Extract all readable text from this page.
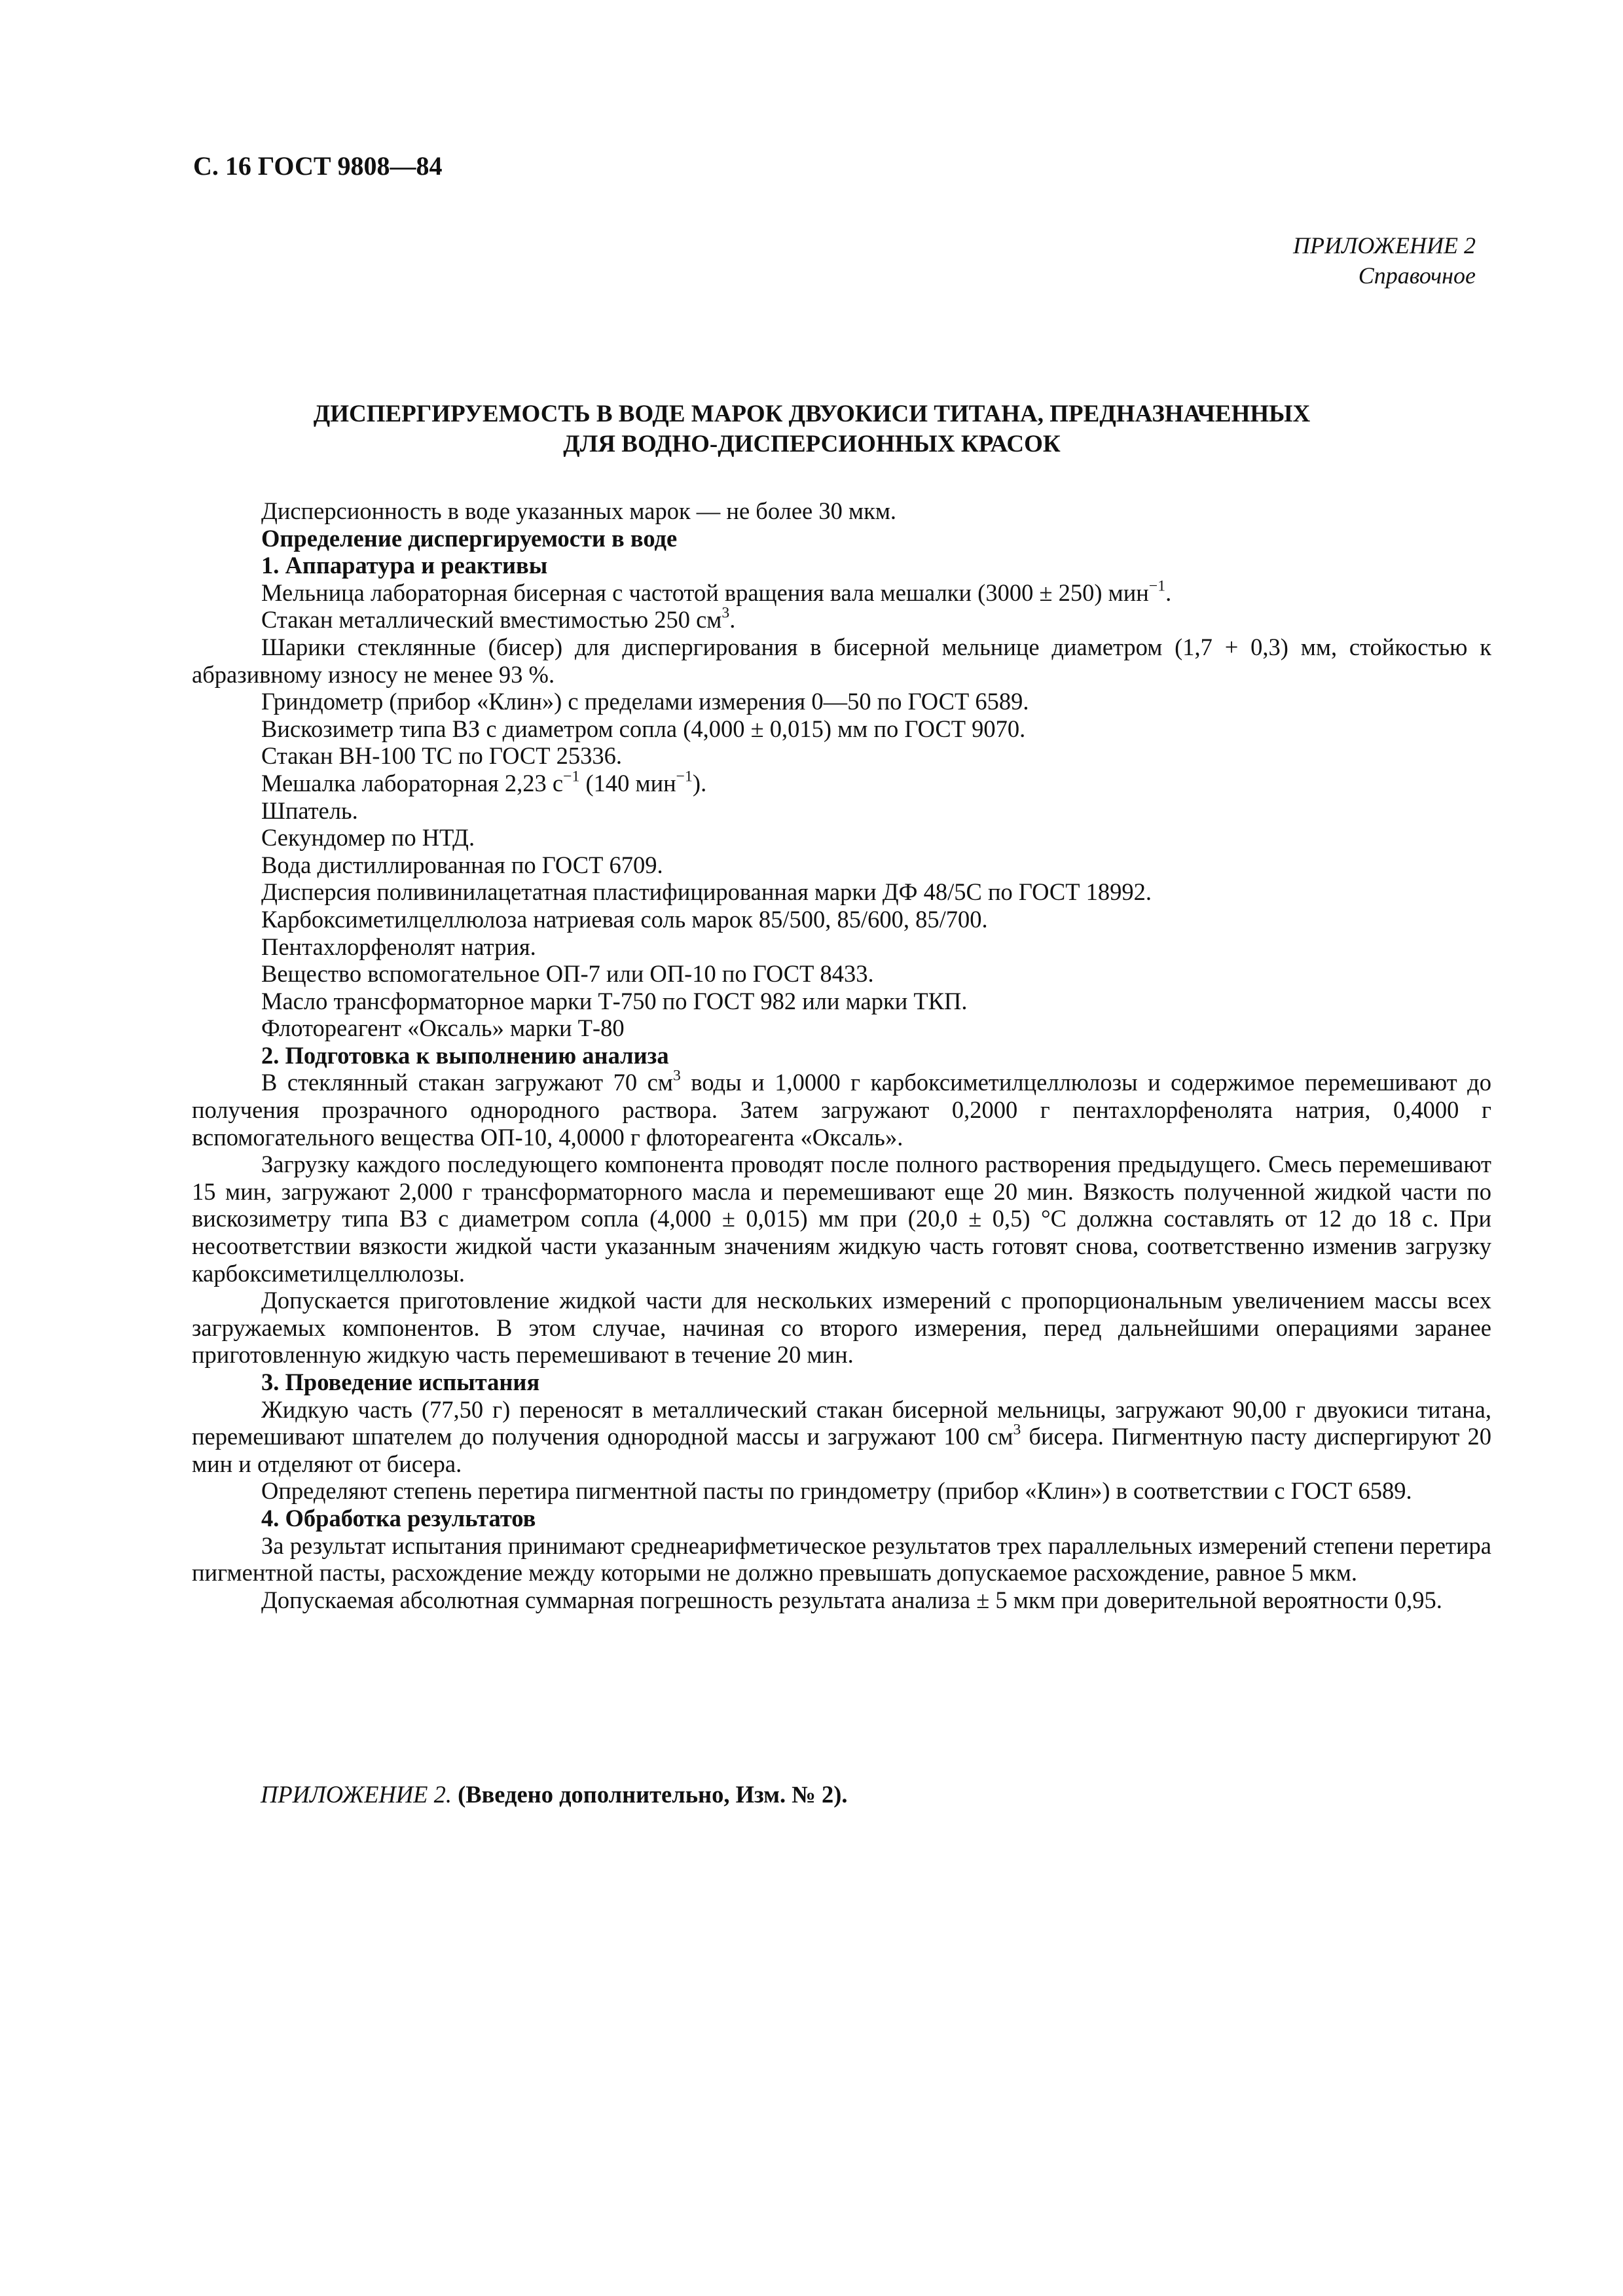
С. 16 ГОСТ 9808—84
ПРИЛОЖЕНИЕ 2
Справочное
ДИСПЕРГИРУЕМОСТЬ В ВОДЕ МАРОК ДВУОКИСИ ТИТАНА, ПРЕДНАЗНАЧЕННЫХ
ДЛЯ ВОДНО-ДИСПЕРСИОННЫХ КРАСОК

Дисперсионность в воде указанных марок — не более 30 мкм.

Определение диспергируемости в воде

1. Аппаратура и реактивы

Мельница лабораторная бисерная с частотой вращения вала мешалки (3000 ± 250) мин$^{-1}$.

Стакан металлический вместимостью 250 $см^3$.

Шарики стеклянные (бисер) для диспергирования в бисерной мельнице диаметром (1,7 + 0,3) мм, стойкостью к абразивному износу не менее 93 %.

Гриндометр (прибор «Клин») с пределами измерения 0—50 по ГОСТ 6589.

Вискозиметр типа ВЗ с диаметром сопла (4,000 ± 0,015) мм по ГОСТ 9070.

Стакан ВН-100 ТС по ГОСТ 25336.

Мешалка лабораторная 2,23 $с^{-1}$ (140 мин$^{-1}$).

Шпатель.

Секундомер по НТД.

Вода дистиллированная по ГОСТ 6709.

Дисперсия поливинилацетатная пластифицированная марки ДФ 48/5С по ГОСТ 18992.

Карбоксиметилцеллюлоза натриевая соль марок 85/500, 85/600, 85/700.

Пентахлорфенолят натрия.

Вещество вспомогательное ОП-7 или ОП-10 по ГОСТ 8433.

Масло трансформаторное марки Т-750 по ГОСТ 982 или марки ТКП.

Флотореагент «Оксаль» марки Т-80

2. Подготовка к выполнению анализа

В стеклянный стакан загружают 70 $см^3$ воды и 1,0000 г карбоксиметилцеллюлозы и содержимое перемешивают до получения прозрачного однородного раствора. Затем загружают 0,2000 г пентахлорфенолята натрия, 0,4000 г вспомогательного вещества ОП-10, 4,0000 г флотореагента «Оксаль».

Загрузку каждого последующего компонента проводят после полного растворения предыдущего. Смесь перемешивают 15 мин, загружают 2,000 г трансформаторного масла и перемешивают еще 20 мин. Вязкость полученной жидкой части по вискозиметру типа ВЗ с диаметром сопла (4,000 ± 0,015) мм при (20,0 ± 0,5) °С должна составлять от 12 до 18 с. При несоответствии вязкости жидкой части указанным значениям жидкую часть готовят снова, соответственно изменив загрузку карбоксиметилцеллюлозы.

Допускается приготовление жидкой части для нескольких измерений с пропорциональным увеличением массы всех загружаемых компонентов. В этом случае, начиная со второго измерения, перед дальнейшими операциями заранее приготовленную жидкую часть перемешивают в течение 20 мин.

3. Проведение испытания

Жидкую часть (77,50 г) переносят в металлический стакан бисерной мельницы, загружают 90,00 г двуокиси титана, перемешивают шпателем до получения однородной массы и загружают 100 $см^3$ бисера. Пигментную пасту диспергируют 20 мин и отделяют от бисера.

Определяют степень перетира пигментной пасты по гриндометру (прибор «Клин») в соответствии с ГОСТ 6589.

4. Обработка результатов

За результат испытания принимают среднеарифметическое результатов трех параллельных измерений степени перетира пигментной пасты, расхождение между которыми не должно превышать допускаемое расхождение, равное 5 мкм.

Допускаемая абсолютная суммарная погрешность результата анализа ± 5 мкм при доверительной вероятности 0,95.

ПРИЛОЖЕНИЕ 2. (Введено дополнительно, Изм. № 2).
